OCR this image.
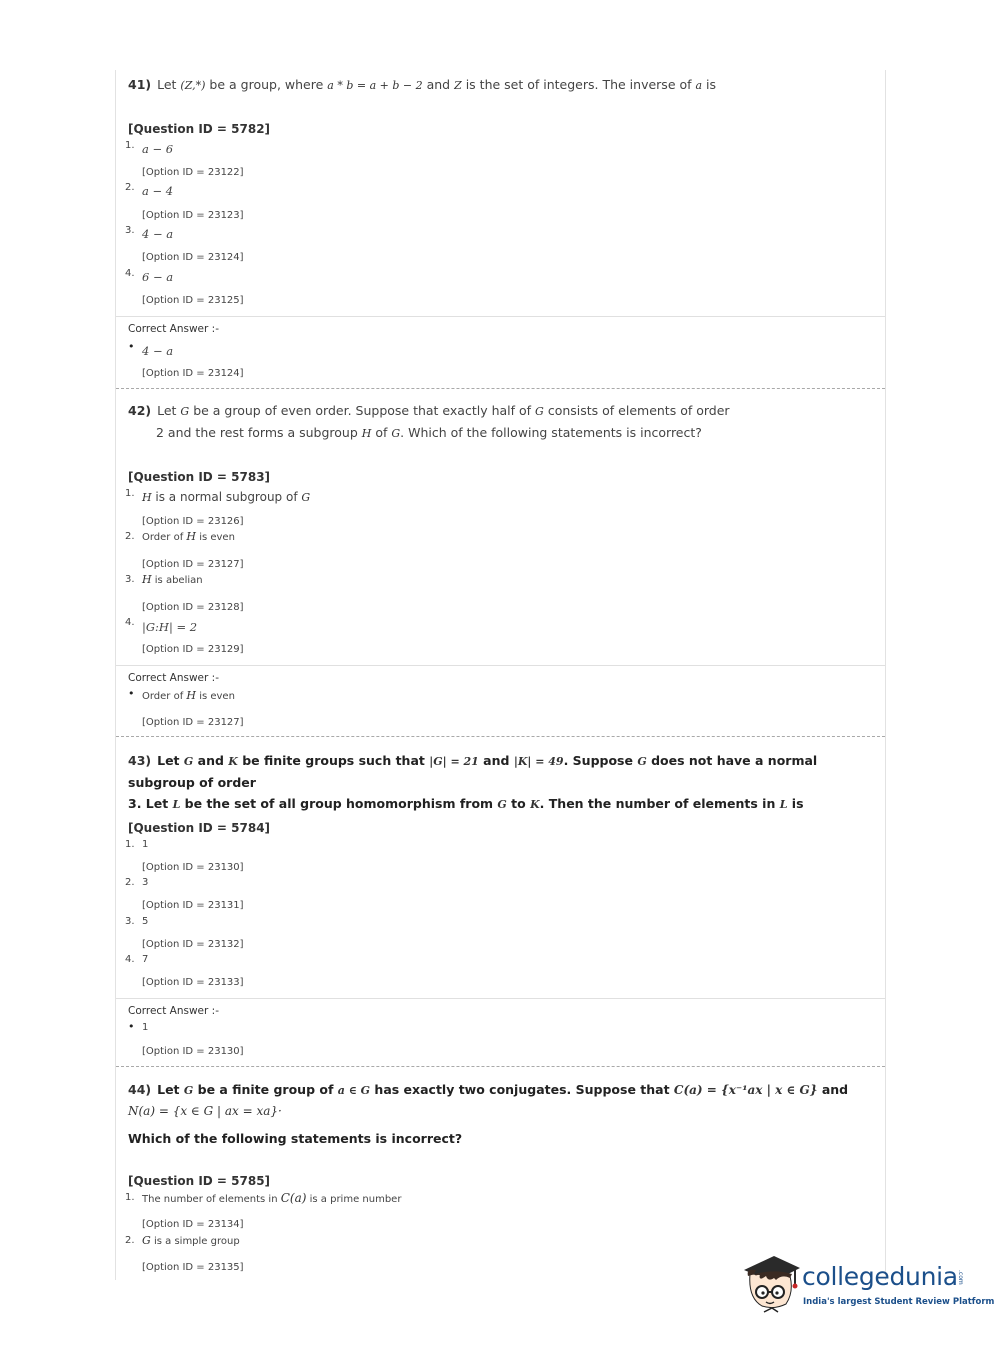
41) Let (Z,*) be a group, where a * b = a + b − 2 and Z is the set of integers. The inverse of a is
[Question ID = 5782]
1. a − 6
[Option ID = 23122]
2. a − 4
[Option ID = 23123]
3. 4 − a
[Option ID = 23124]
4. 6 − a
[Option ID = 23125]
Correct Answer :-
• 4 − a
[Option ID = 23124]
42) Let G be a group of even order. Suppose that exactly half of G consists of elements of order
2 and the rest forms a subgroup H of G. Which of the following statements is incorrect?
[Question ID = 5783]
1. H is a normal subgroup of G
[Option ID = 23126]
2. Order of H is even
[Option ID = 23127]
3. H is abelian
[Option ID = 23128]
4. |G:H| = 2
[Option ID = 23129]
Correct Answer :-
• Order of H is even
[Option ID = 23127]
43) Let G and K be finite groups such that |G| = 21 and |K| = 49. Suppose G does not have a normal subgroup of order
3. Let L be the set of all group homomorphism from G to K. Then the number of elements in L is
[Question ID = 5784]
1. 1
[Option ID = 23130]
2. 3
[Option ID = 23131]
3. 5
[Option ID = 23132]
4. 7
[Option ID = 23133]
Correct Answer :-
• 1
[Option ID = 23130]
44) Let G be a finite group of a ∈ G has exactly two conjugates. Suppose that C(a) = {x⁻¹ax | x ∈ G} and
N(a) = {x ∈ G | ax = xa}·
Which of the following statements is incorrect?
[Question ID = 5785]
1. The number of elements in C(a) is a prime number
[Option ID = 23134]
2. G is a simple group
[Option ID = 23135]	collegedunia .com
India's largest Student Review Platform
